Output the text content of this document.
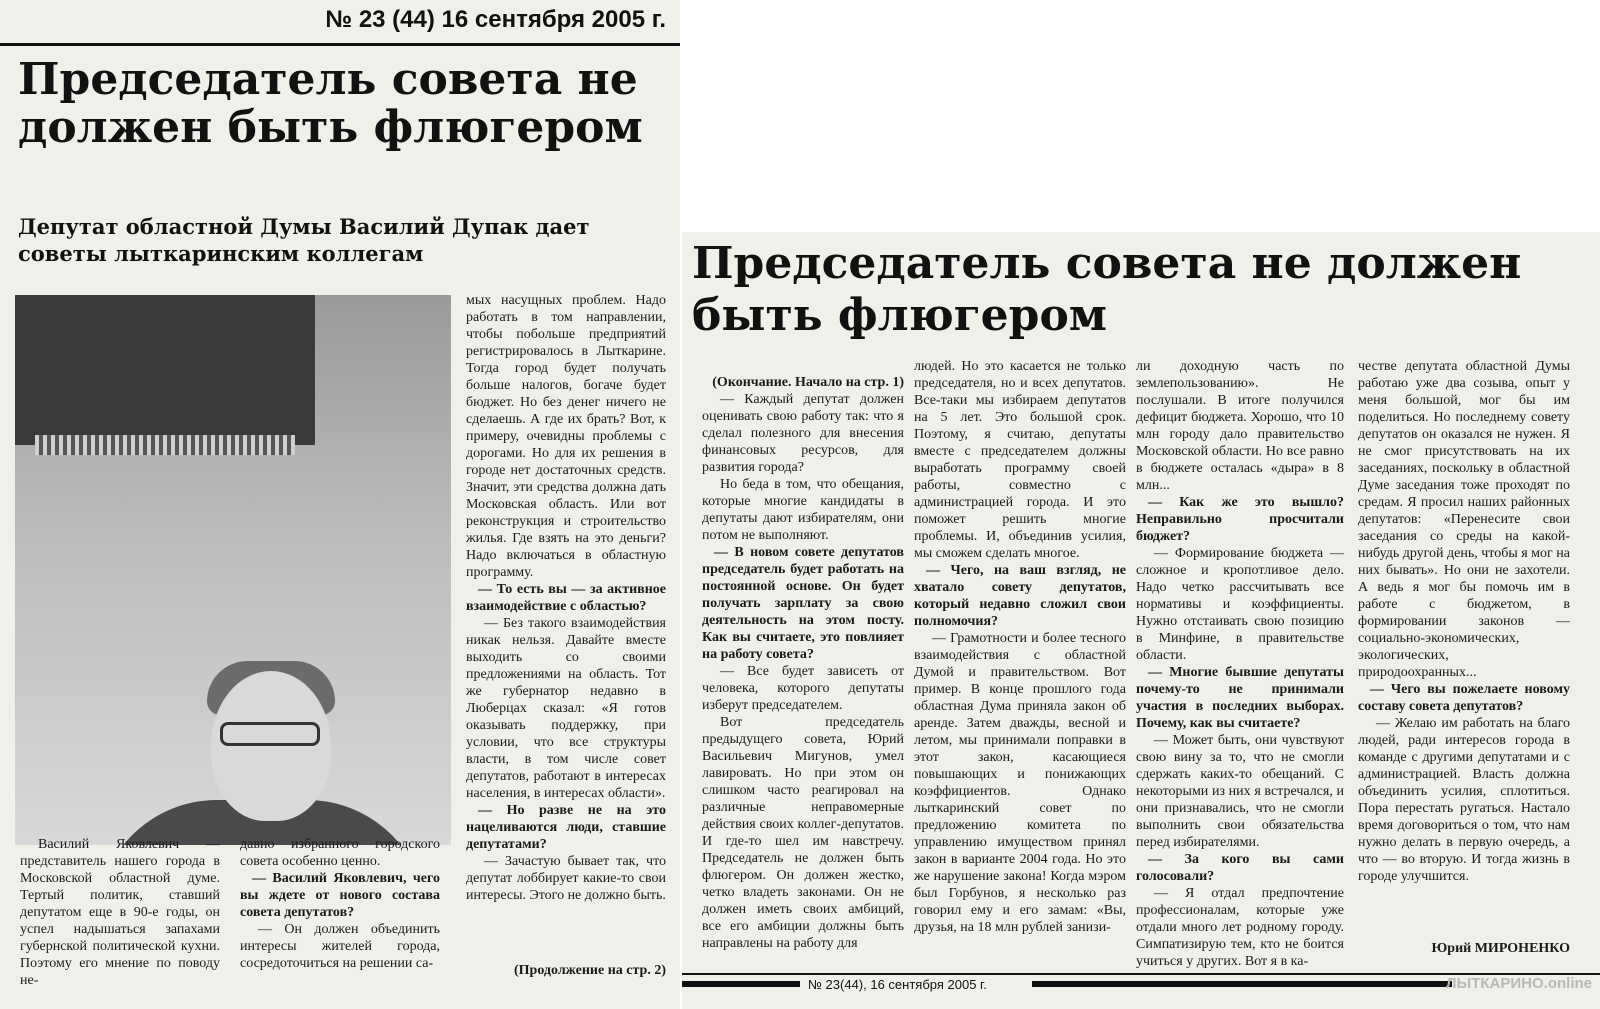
№ 23 (44) 16 сентября 2005 г.
Председатель совета не должен быть флюгером
Депутат областной Думы Василий Дупак дает советы лыткаринским коллегам

мых насущных проблем. Надо работать в том направлении, чтобы побольше предприятий регистрировалось в Лыткарине. Тогда город будет получать больше налогов, богаче будет бюджет. Но без денег ничего не сделаешь. А где их брать? Вот, к примеру, очевидны проблемы с дорогами. Но для их решения в городе нет достаточных средств. Значит, эти средства должна дать Московская область. Или вот реконструкция и строительство жилья. Где взять на это деньги? Надо включаться в областную программу.

— То есть вы — за активное взаимодействие с областью?

— Без такого взаимодействия никак нельзя. Давайте вместе выходить со своими предложениями на область. Тот же губернатор недавно в Люберцах сказал: «Я готов оказывать поддержку, при условии, что все структуры власти, в том числе совет депутатов, работают в интересах населения, в интересах области».

— Но разве не на это нацеливаются люди, ставшие депутатами?

— Зачастую бывает так, что депутат лоббирует какие-то свои интересы. Этого не должно быть.

Василий Яковлевич — представитель нашего города в Московской областной думе. Тертый политик, ставший депутатом еще в 90-е годы, он успел надышаться запахами губернской политической кухни. Поэтому его мнение по поводу не-

давно избранного городского совета особенно ценно.

— Василий Яковлевич, чего вы ждете от нового состава совета депутатов?

— Он должен объединить интересы жителей города, сосредоточиться на решении са-	(Продолжение на стр. 2)

Председатель совета не должен быть флюгером

(Окончание. Начало на стр. 1)

— Каждый депутат должен оценивать свою работу так: что я сделал полезного для внесения финансовых ресурсов, для развития города?

Но беда в том, что обещания, которые многие кандидаты в депутаты дают избирателям, они потом не выполняют.

— В новом совете депутатов председатель будет работать на постоянной основе. Он будет получать зарплату за свою деятельность на этом посту. Как вы считаете, это повлияет на работу совета?

— Все будет зависеть от человека, которого депутаты изберут председателем.

Вот председатель предыдущего совета, Юрий Васильевич Мигунов, умел лавировать. Но при этом он слишком часто реагировал на различные неправомерные действия своих коллег-депутатов. И где-то шел им навстречу. Председатель не должен быть флюгером. Он должен жестко, четко владеть законами. Он не должен иметь своих амбиций, все его амбиции должны быть направлены на работу для

людей. Но это касается не только председателя, но и всех депутатов. Все-таки мы избираем депутатов на 5 лет. Это большой срок. Поэтому, я считаю, депутаты вместе с председателем должны выработать программу своей работы, совместно с администрацией города. И это поможет решить многие проблемы. И, объединив усилия, мы сможем сделать многое.

— Чего, на ваш взгляд, не хватало совету депутатов, который недавно сложил свои полномочия?

— Грамотности и более тесного взаимодействия с областной Думой и правительством. Вот пример. В конце прошлого года областная Дума приняла закон об аренде. Затем дважды, весной и летом, мы принимали поправки в этот закон, касающиеся повышающих и понижающих коэффициентов. Однако лыткаринский совет по предложению комитета по управлению имуществом принял закон в варианте 2004 года. Но это же нарушение закона! Когда мэром был Горбунов, я несколько раз говорил ему и его замам: «Вы, друзья, на 18 млн рублей занизи-

ли доходную часть по землепользованию». Не послушали. В итоге получился дефицит бюджета. Хорошо, что 10 млн городу дало правительство Московской области. Но все равно в бюджете осталась «дыра» в 8 млн...

— Как же это вышло? Неправильно просчитали бюджет?

— Формирование бюджета — сложное и кропотливое дело. Надо четко рассчитывать все нормативы и коэффициенты. Нужно отстаивать свою позицию в Минфине, в правительстве области.

— Многие бывшие депутаты почему-то не принимали участия в последних выборах. Почему, как вы считаете?

— Может быть, они чувствуют свою вину за то, что не смогли сдержать каких-то обещаний. С некоторыми из них я встречался, и они признавались, что не смогли выполнить свои обязательства перед избирателями.

— За кого вы сами голосовали?

— Я отдал предпочтение профессионалам, которые уже отдали много лет родному городу. Симпатизирую тем, кто не боится учиться у других. Вот я в ка-

честве депутата областной Думы работаю уже два созыва, опыт у меня большой, мог бы им поделиться. Но последнему совету депутатов он оказался не нужен. Я не смог присутствовать на их заседаниях, поскольку в областной Думе заседания тоже проходят по средам. Я просил наших районных депутатов: «Перенесите свои заседания со среды на какой-нибудь другой день, чтобы я мог на них бывать». Но они не захотели. А ведь я мог бы помочь им в работе с бюджетом, в формировании законов — социально-экономических, экологических, природоохранных...

— Чего вы пожелаете новому составу совета депутатов?

— Желаю им работать на благо людей, ради интересов города в команде с другими депутатами и с администрацией. Власть должна объединить усилия, сплотиться. Пора перестать ругаться. Настало время договориться о том, что нам нужно делать в первую очередь, а что — во вторую. И тогда жизнь в городе улучшится.

Юрий МИРОНЕНКО

№ 23(44), 16 сентября 2005 г.	ЛЫТКАРИНО.online
